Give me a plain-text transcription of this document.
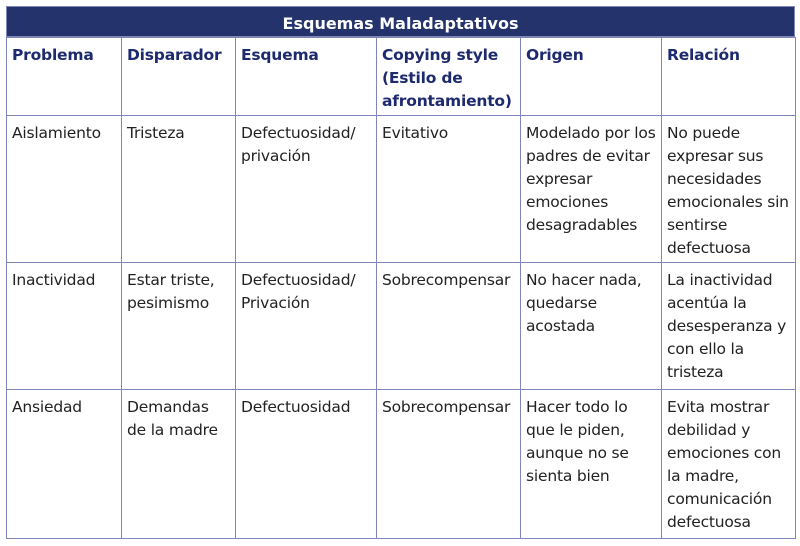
Esquemas Maladaptativos
Problema	Disparador	Esquema	Copying style (Estilo de afrontamiento)	Origen	Relación
Aislamiento	Tristeza	Defectuosidad/ privación	Evitativo	Modelado por los padres de evitar expresar emociones desagradables	No puede expresar sus necesidades emocionales sin sentirse defectuosa
Inactividad	Estar triste, pesimismo	Defectuosidad/ Privación	Sobrecompensar	No hacer nada, quedarse acostada	La inactividad acentúa la desesperanza y con ello la tristeza
Ansiedad	Demandas de la madre	Defectuosidad	Sobrecompensar	Hacer todo lo que le piden, aunque no se sienta bien	Evita mostrar debilidad y emociones con la madre, comunicación defectuosa
